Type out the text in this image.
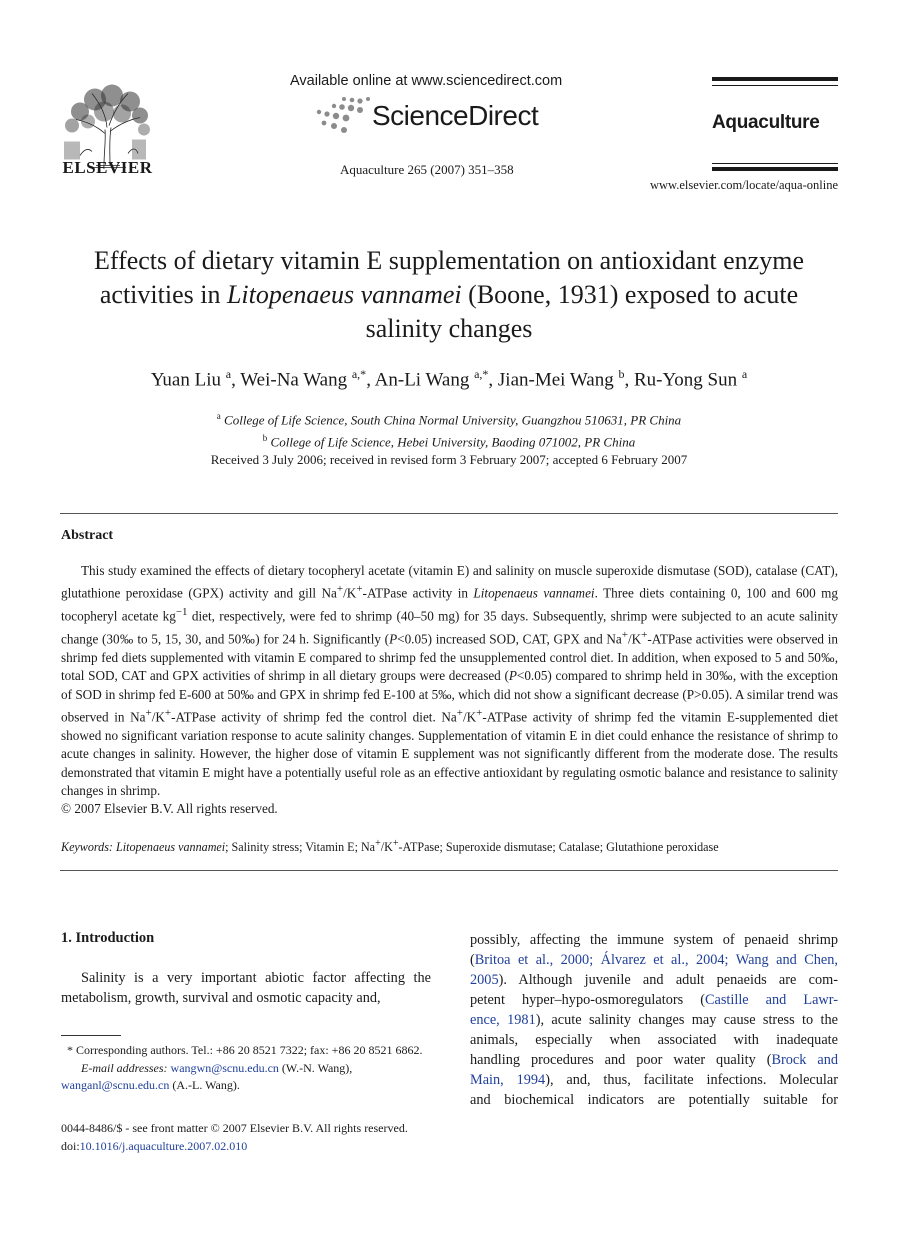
ELSEVIER
Available online at www.sciencedirect.com
ScienceDirect
Aquaculture 265 (2007) 351–358
Aquaculture
www.elsevier.com/locate/aqua-online
Effects of dietary vitamin E supplementation on antioxidant enzyme activities in Litopenaeus vannamei (Boone, 1931) exposed to acute salinity changes
Yuan Liu $^a$, Wei-Na Wang $^{a,*}$, An-Li Wang $^{a,*}$, Jian-Mei Wang $^b$, Ru-Yong Sun $^a$
$^a$ College of Life Science, South China Normal University, Guangzhou 510631, PR China
$^b$ College of Life Science, Hebei University, Baoding 071002, PR China
Received 3 July 2006; received in revised form 3 February 2007; accepted 6 February 2007
Abstract

This study examined the effects of dietary tocopheryl acetate (vitamin E) and salinity on muscle superoxide dismutase (SOD), catalase (CAT), glutathione peroxidase (GPX) activity and gill Na+/K+-ATPase activity in Litopenaeus vannamei. Three diets containing 0, 100 and 600 mg tocopheryl acetate $kg^{-1}$ diet, respectively, were fed to shrimp (40–50 mg) for 35 days. Subsequently, shrimp were subjected to an acute salinity change (30‰ to 5, 15, 30, and 50‰) for 24 h. Significantly (P<0.05) increased SOD, CAT, GPX and Na+/K+-ATPase activities were observed in shrimp fed diets supplemented with vitamin E compared to shrimp fed the unsupplemented control diet. In addition, when exposed to 5 and 50‰, total SOD, CAT and GPX activities of shrimp in all dietary groups were decreased (P<0.05) compared to shrimp held in 30‰, with the exception of SOD in shrimp fed E-600 at 50‰ and GPX in shrimp fed E-100 at 5‰, which did not show a significant decrease (P>0.05). A similar trend was observed in Na+/K+-ATPase activity of shrimp fed the control diet. Na+/K+-ATPase activity of shrimp fed the vitamin E-supplemented diet showed no significant variation response to acute salinity changes. Supplementation of vitamin E in diet could enhance the resistance of shrimp to acute changes in salinity. However, the higher dose of vitamin E supplement was not significantly different from the moderate dose. The results demonstrated that vitamin E might have a potentially useful role as an effective antioxidant by regulating osmotic balance and resistance to salinity changes in shrimp.

© 2007 Elsevier B.V. All rights reserved.
Keywords: Litopenaeus vannamei; Salinity stress; Vitamin E; Na+/K+-ATPase; Superoxide dismutase; Catalase; Glutathione peroxidase
1. Introduction

Salinity is a very important abiotic factor affecting the metabolism, growth, survival and osmotic capacity and,

possibly, affecting the immune system of penaeid shrimp
(Britoa et al., 2000; Álvarez et al., 2004; Wang and Chen,
2005). Although juvenile and adult penaeids are com-
petent hyper–hypo-osmoregulators (Castille and Lawr-
ence, 1981), acute salinity changes may cause stress to the
animals, especially when associated with inadequate
handling procedures and poor water quality (Brock and
Main, 1994), and, thus, facilitate infections. Molecular
and biochemical indicators are potentially suitable for
* Corresponding authors. Tel.: +86 20 8521 7322; fax: +86 20 8521 6862.
E-mail addresses: wangwn@scnu.edu.cn (W.-N. Wang), wanganl@scnu.edu.cn (A.-L. Wang).
0044-8486/$ - see front matter © 2007 Elsevier B.V. All rights reserved.
doi:10.1016/j.aquaculture.2007.02.010
